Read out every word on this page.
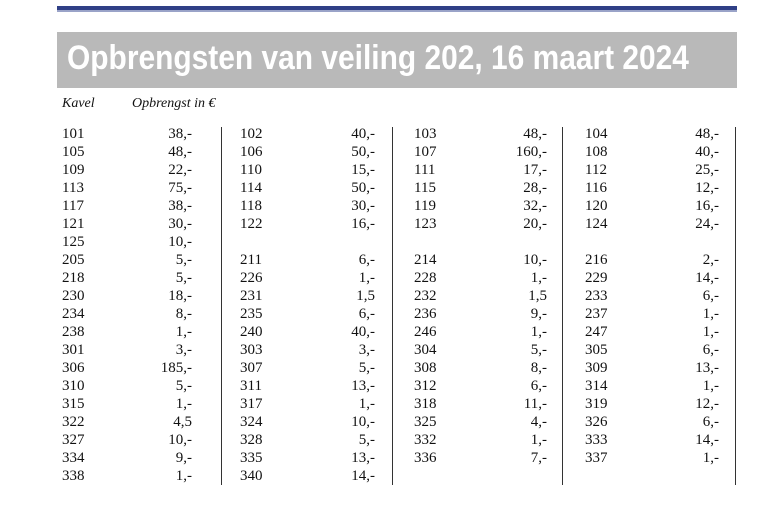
Opbrengsten van veiling 202, 16 maart 2024
Kavel	Opbrengst in €
101	38,-
105	48,-
109	22,-
113	75,-
117	38,-
121	30,-
125	10,-
205	5,-
218	5,-
230	18,-
234	8,-
238	1,-
301	3,-
306	185,-
310	5,-
315	1,-
322	4,5
327	10,-
334	9,-
338	1,-
102	40,-
106	50,-
110	15,-
114	50,-
118	30,-
122	16,-
211	6,-
226	1,-
231	1,5
235	6,-
240	40,-
303	3,-
307	5,-
311	13,-
317	1,-
324	10,-
328	5,-
335	13,-
340	14,-
103	48,-
107	160,-
111	17,-
115	28,-
119	32,-
123	20,-
214	10,-
228	1,-
232	1,5
236	9,-
246	1,-
304	5,-
308	8,-
312	6,-
318	11,-
325	4,-
332	1,-
336	7,-
104	48,-
108	40,-
112	25,-
116	12,-
120	16,-
124	24,-
216	2,-
229	14,-
233	6,-
237	1,-
247	1,-
305	6,-
309	13,-
314	1,-
319	12,-
326	6,-
333	14,-
337	1,-
